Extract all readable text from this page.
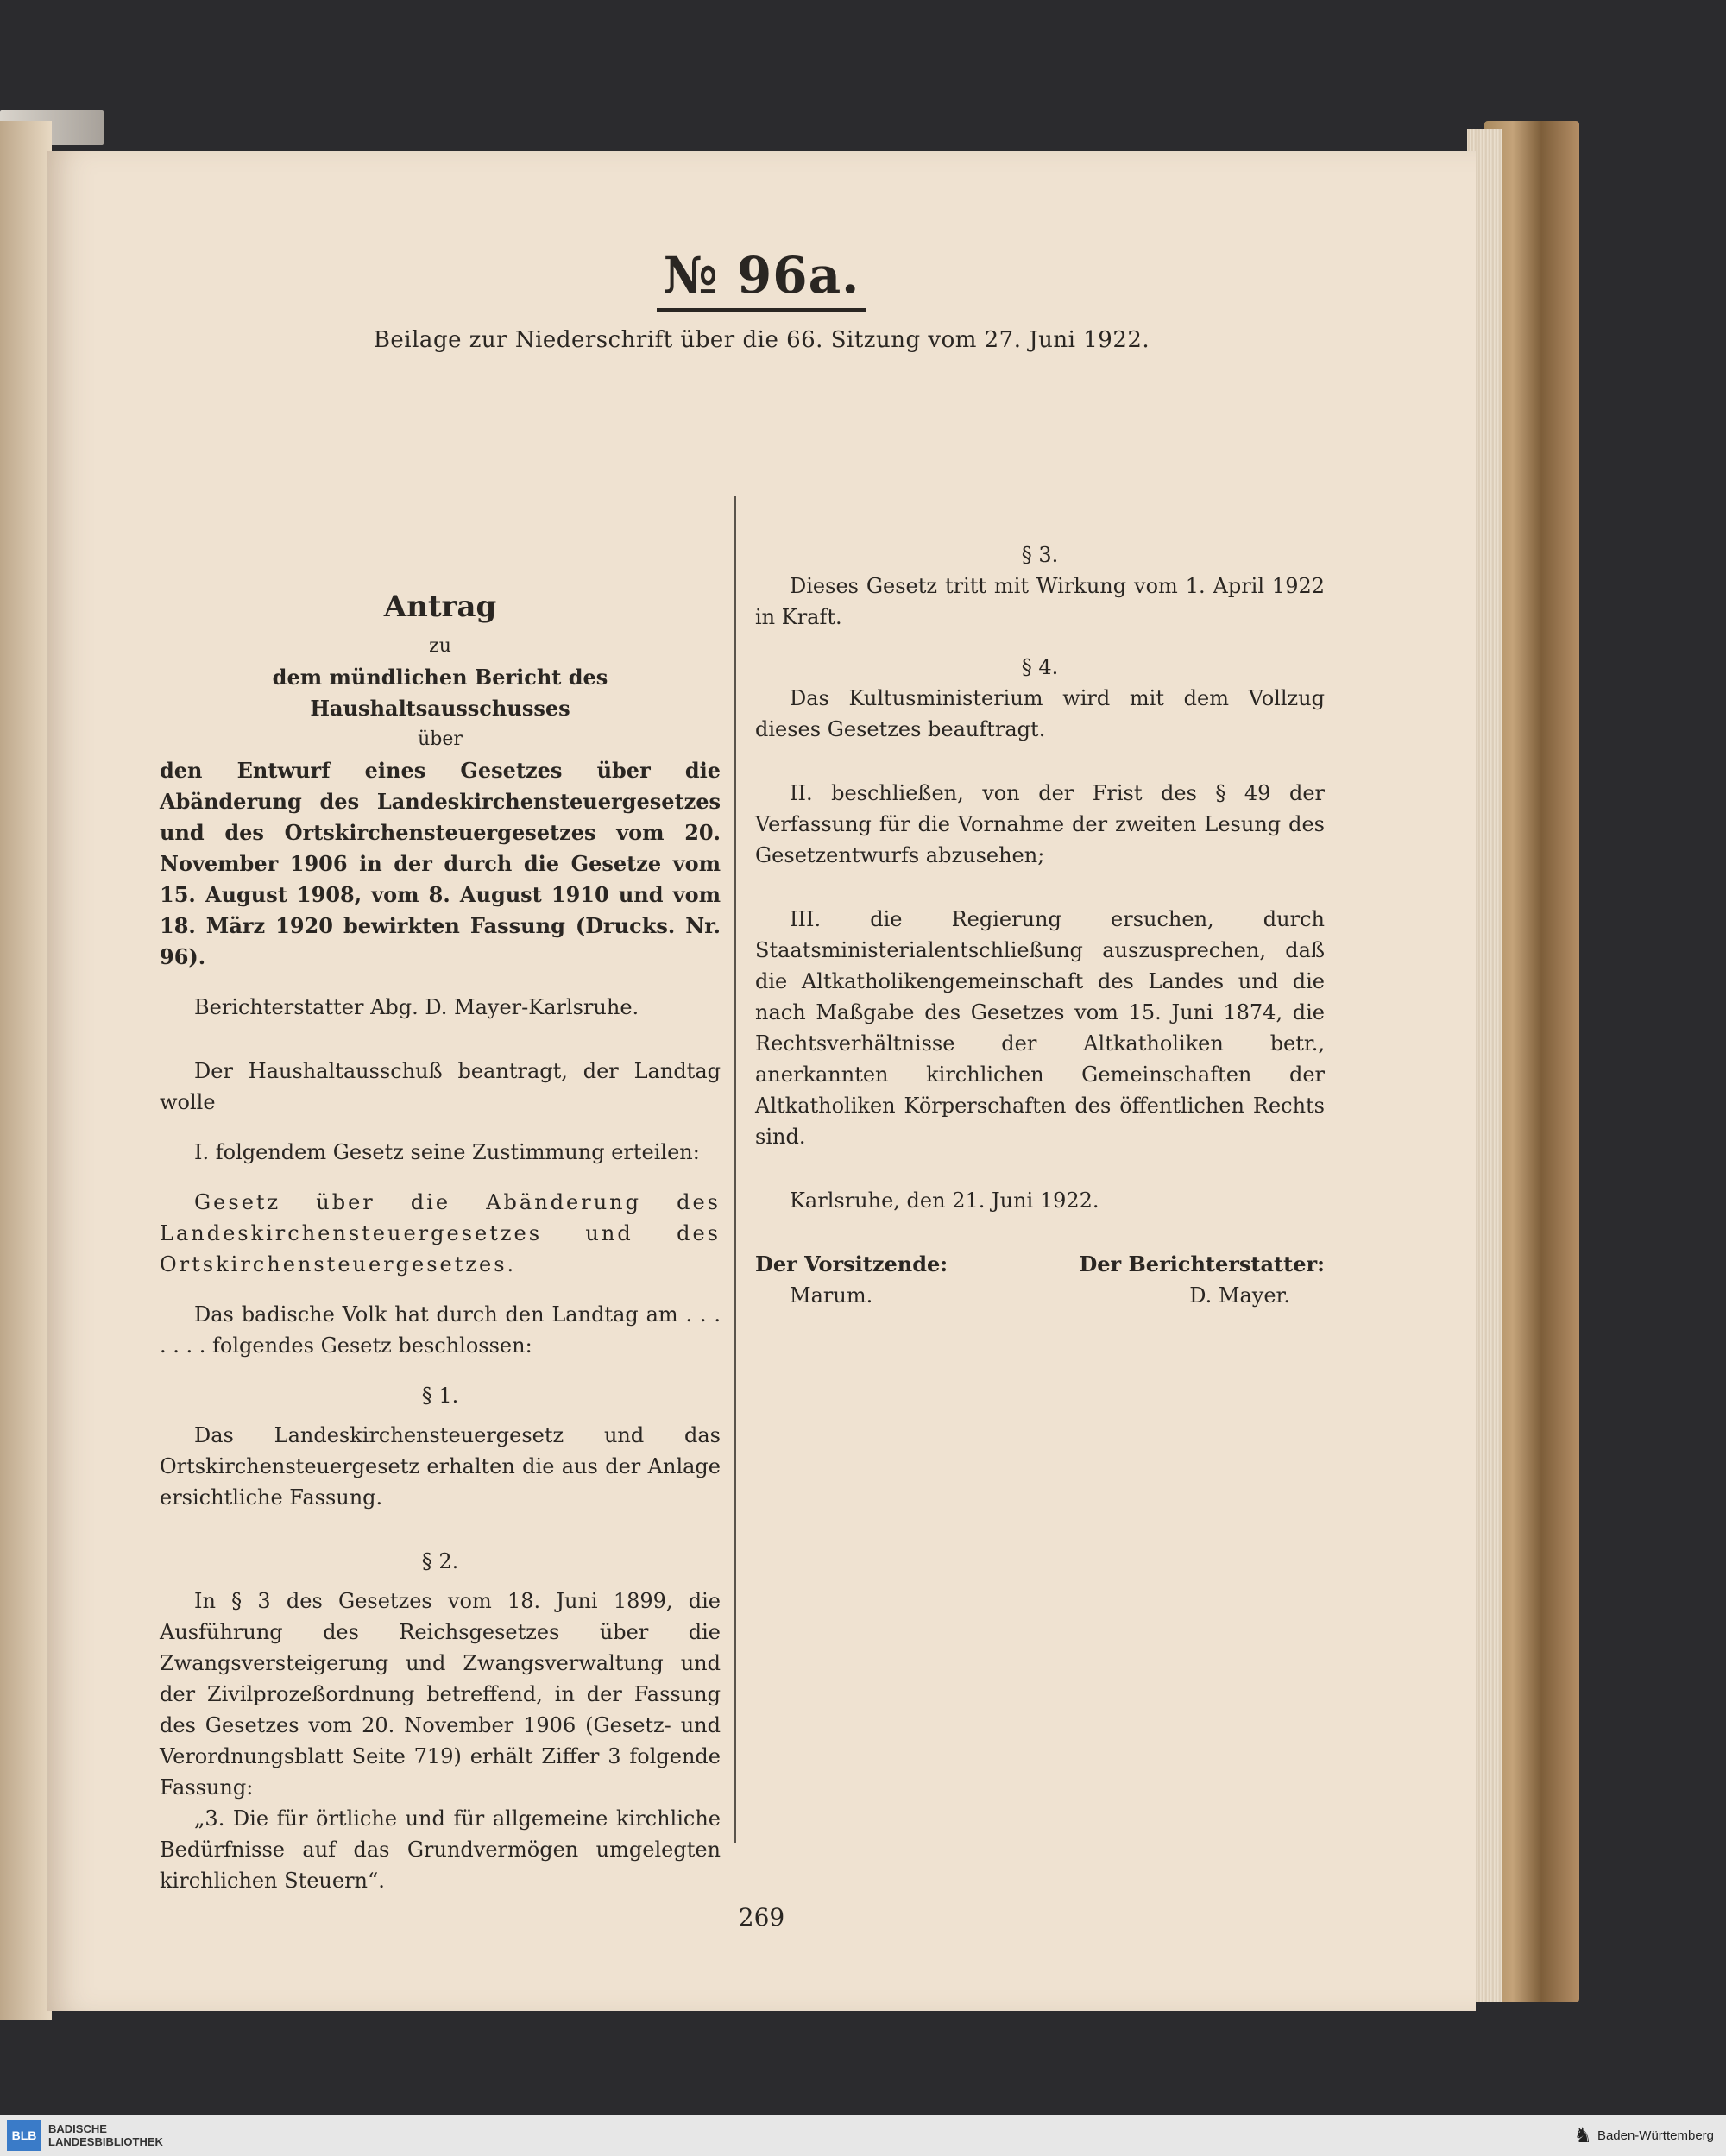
№ 96a.
Beilage zur Niederschrift über die 66. Sitzung vom 27. Juni 1922.

Antrag

zu

dem mündlichen Bericht des Haushaltsausschusses

über

den Entwurf eines Gesetzes über die Abänderung des Landeskirchensteuergesetzes und des Ortskirchensteuergesetzes vom 20. November 1906 in der durch die Gesetze vom 15. August 1908, vom 8. August 1910 und vom 18. März 1920 bewirkten Fassung (Drucks. Nr. 96).

Berichterstatter Abg. D. Mayer-Karlsruhe.

Der Haushaltausschuß beantragt, der Landtag wolle

I. folgendem Gesetz seine Zustimmung erteilen:

Gesetz über die Abänderung des Landeskirchensteuergesetzes und des Ortskirchensteuergesetzes.

Das badische Volk hat durch den Landtag am . . . . . . . folgendes Gesetz beschlossen:

§ 1.

Das Landeskirchensteuergesetz und das Ortskirchensteuergesetz erhalten die aus der Anlage ersichtliche Fassung.

§ 2.

In § 3 des Gesetzes vom 18. Juni 1899, die Ausführung des Reichsgesetzes über die Zwangsversteigerung und Zwangsverwaltung und der Zivilprozeßordnung betreffend, in der Fassung des Gesetzes vom 20. November 1906 (Gesetz- und Verordnungsblatt Seite 719) erhält Ziffer 3 folgende Fassung:

„3. Die für örtliche und für allgemeine kirchliche Bedürfnisse auf das Grundvermögen umgelegten kirchlichen Steuern“.

§ 3.

Dieses Gesetz tritt mit Wirkung vom 1. April 1922 in Kraft.

§ 4.

Das Kultusministerium wird mit dem Vollzug dieses Gesetzes beauftragt.

II. beschließen, von der Frist des § 49 der Verfassung für die Vornahme der zweiten Lesung des Gesetzentwurfs abzusehen;

III. die Regierung ersuchen, durch Staatsministerialentschließung auszusprechen, daß die Altkatholikengemeinschaft des Landes und die nach Maßgabe des Gesetzes vom 15. Juni 1874, die Rechtsverhältnisse der Altkatholiken betr., anerkannten kirchlichen Gemeinschaften der Altkatholiken Körperschaften des öffentlichen Rechts sind.

Karlsruhe, den 21. Juni 1922.

Der Vorsitzende:	Der Berichterstatter:
Marum.	D. Mayer.
269
BLB	BADISCHE
LANDESBIBLIOTHEK	♞ Baden-Württemberg
